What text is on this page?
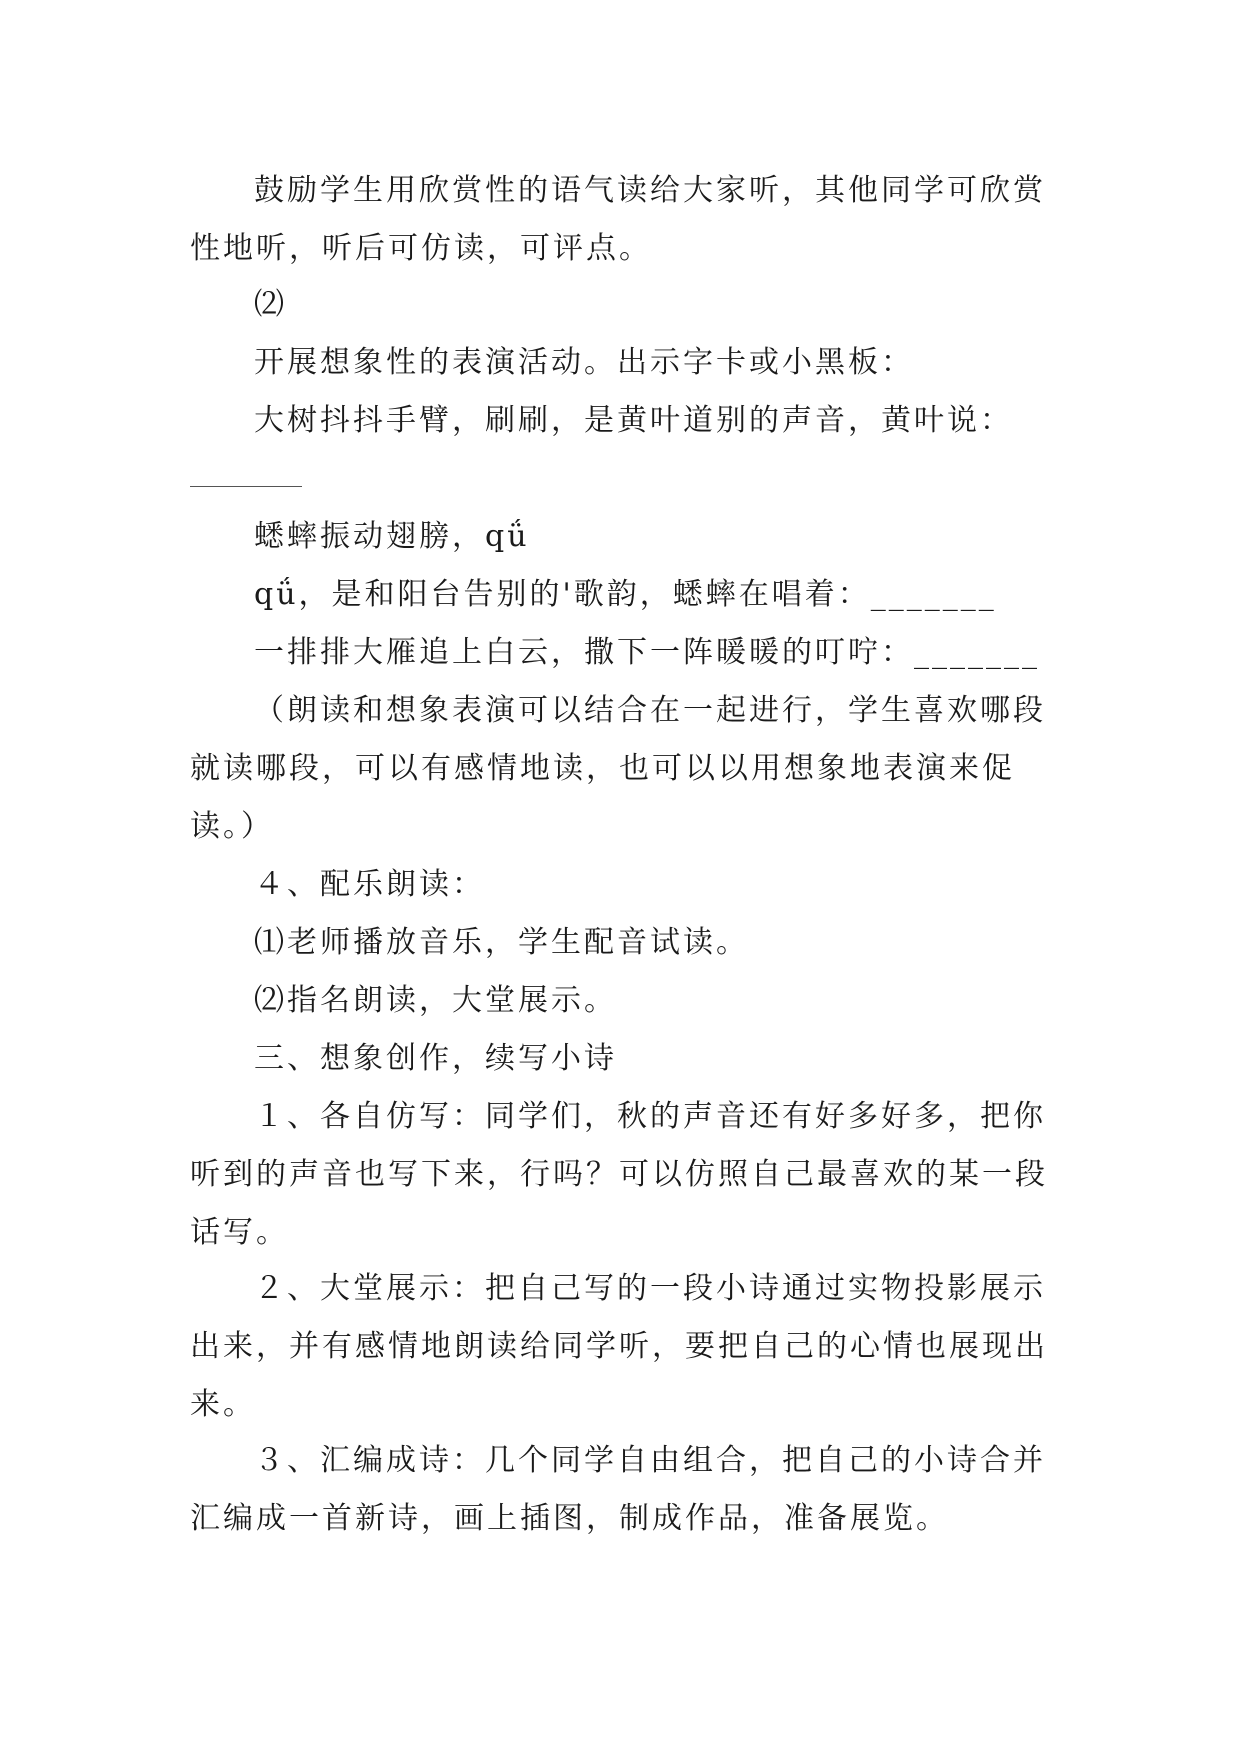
鼓励学生用欣赏性的语气读给大家听，其他同学可欣赏性地听，听后可仿读，可评点。

⑵

开展想象性的表演活动。出示字卡或小黑板：

大树抖抖手臂，刷刷，是黄叶道别的声音，黄叶说：

蟋蟀振动翅膀，qǘ

qǘ，是和阳台告别的'歌韵，蟋蟀在唱着：_______

一排排大雁追上白云，撒下一阵暖暖的叮咛：_______

（朗读和想象表演可以结合在一起进行，学生喜欢哪段就读哪段，可以有感情地读，也可以以用想象地表演来促读。）

４、配乐朗读：

⑴老师播放音乐，学生配音试读。

⑵指名朗读，大堂展示。

三、想象创作，续写小诗

１、各自仿写：同学们，秋的声音还有好多好多，把你听到的声音也写下来，行吗？可以仿照自己最喜欢的某一段话写。

２、大堂展示：把自己写的一段小诗通过实物投影展示出来，并有感情地朗读给同学听，要把自己的心情也展现出来。

３、汇编成诗：几个同学自由组合，把自己的小诗合并汇编成一首新诗，画上插图，制成作品，准备展览。
